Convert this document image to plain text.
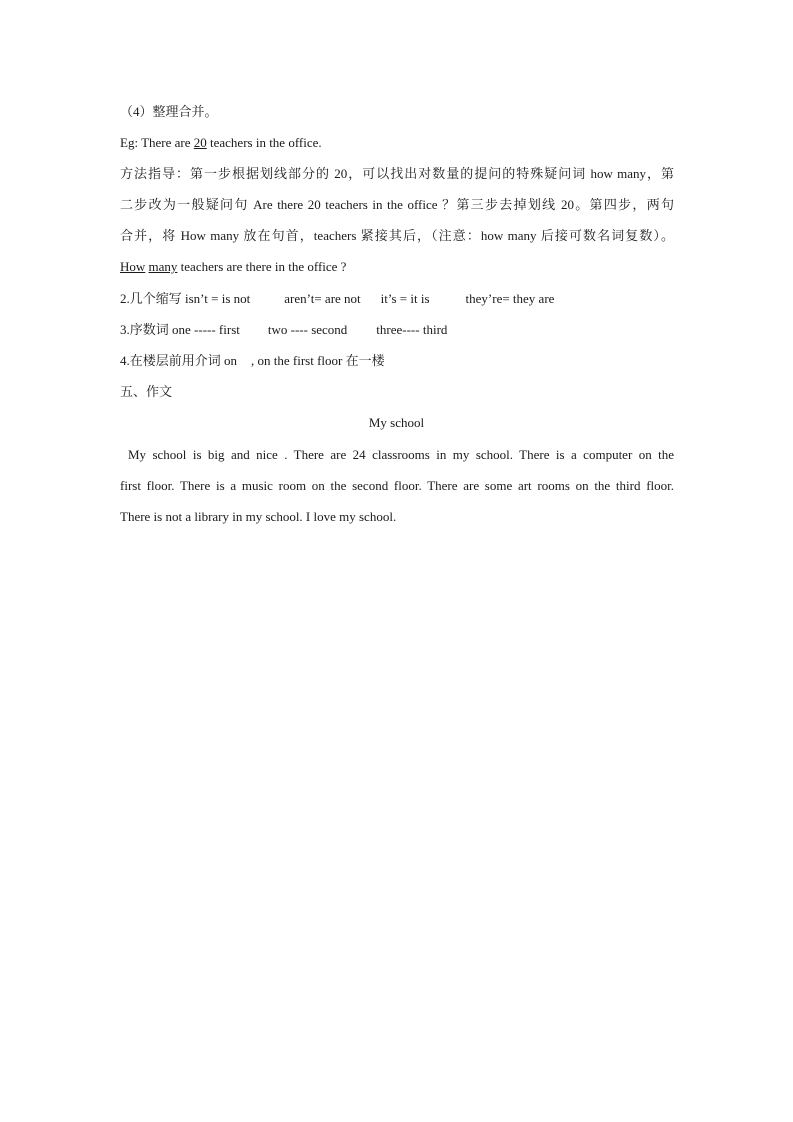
（4）整理合并。
Eg: There are 20 teachers in the office.
方法指导：第一步根据划线部分的 20，可以找出对数量的提问的特殊疑问词 how many，第
二步改为一般疑问句 Are there 20 teachers in the office ？第三步去掉划线 20。第四步，两句
合并，将 How many 放在句首，teachers 紧接其后，（注意：how many 后接可数名词复数）。
How many teachers are there in the office ?
2.几个缩写 isn’t = is not	aren’t= are not it’s = it is	they’re= they are
3.序数词 one ----- first two ---- second three---- third
4.在楼层前用介词 on , on the first floor 在一楼
五、作文
My school
My school is big and nice . There are 24 classrooms in my school. There is a computer on the
first floor. There is a music room on the second floor. There are some art rooms on the third floor.
There is not a library in my school. I love my school.
